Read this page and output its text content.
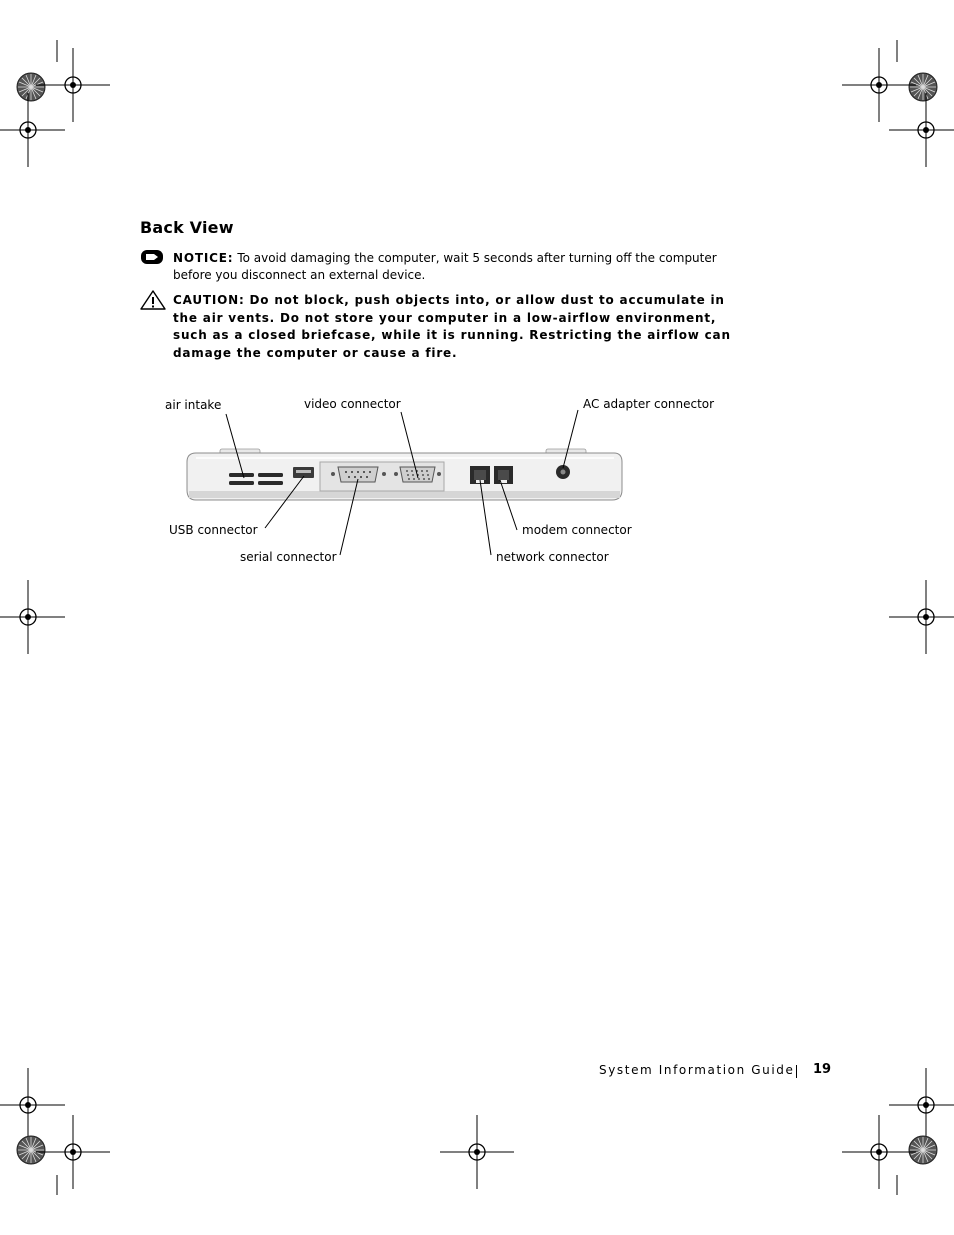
Back View
NOTICE: To avoid damaging the computer, wait 5 seconds after turning off the computer before you disconnect an external device.
CAUTION: Do not block, push objects into, or allow dust to accumulate in the air vents. Do not store your computer in a low-airflow environment, such as a closed briefcase, while it is running. Restricting the airflow can damage the computer or cause a fire.
air intake	video connector	AC adapter connector
USB connector
serial connector
modem connector
network connector
System Information Guide 19
